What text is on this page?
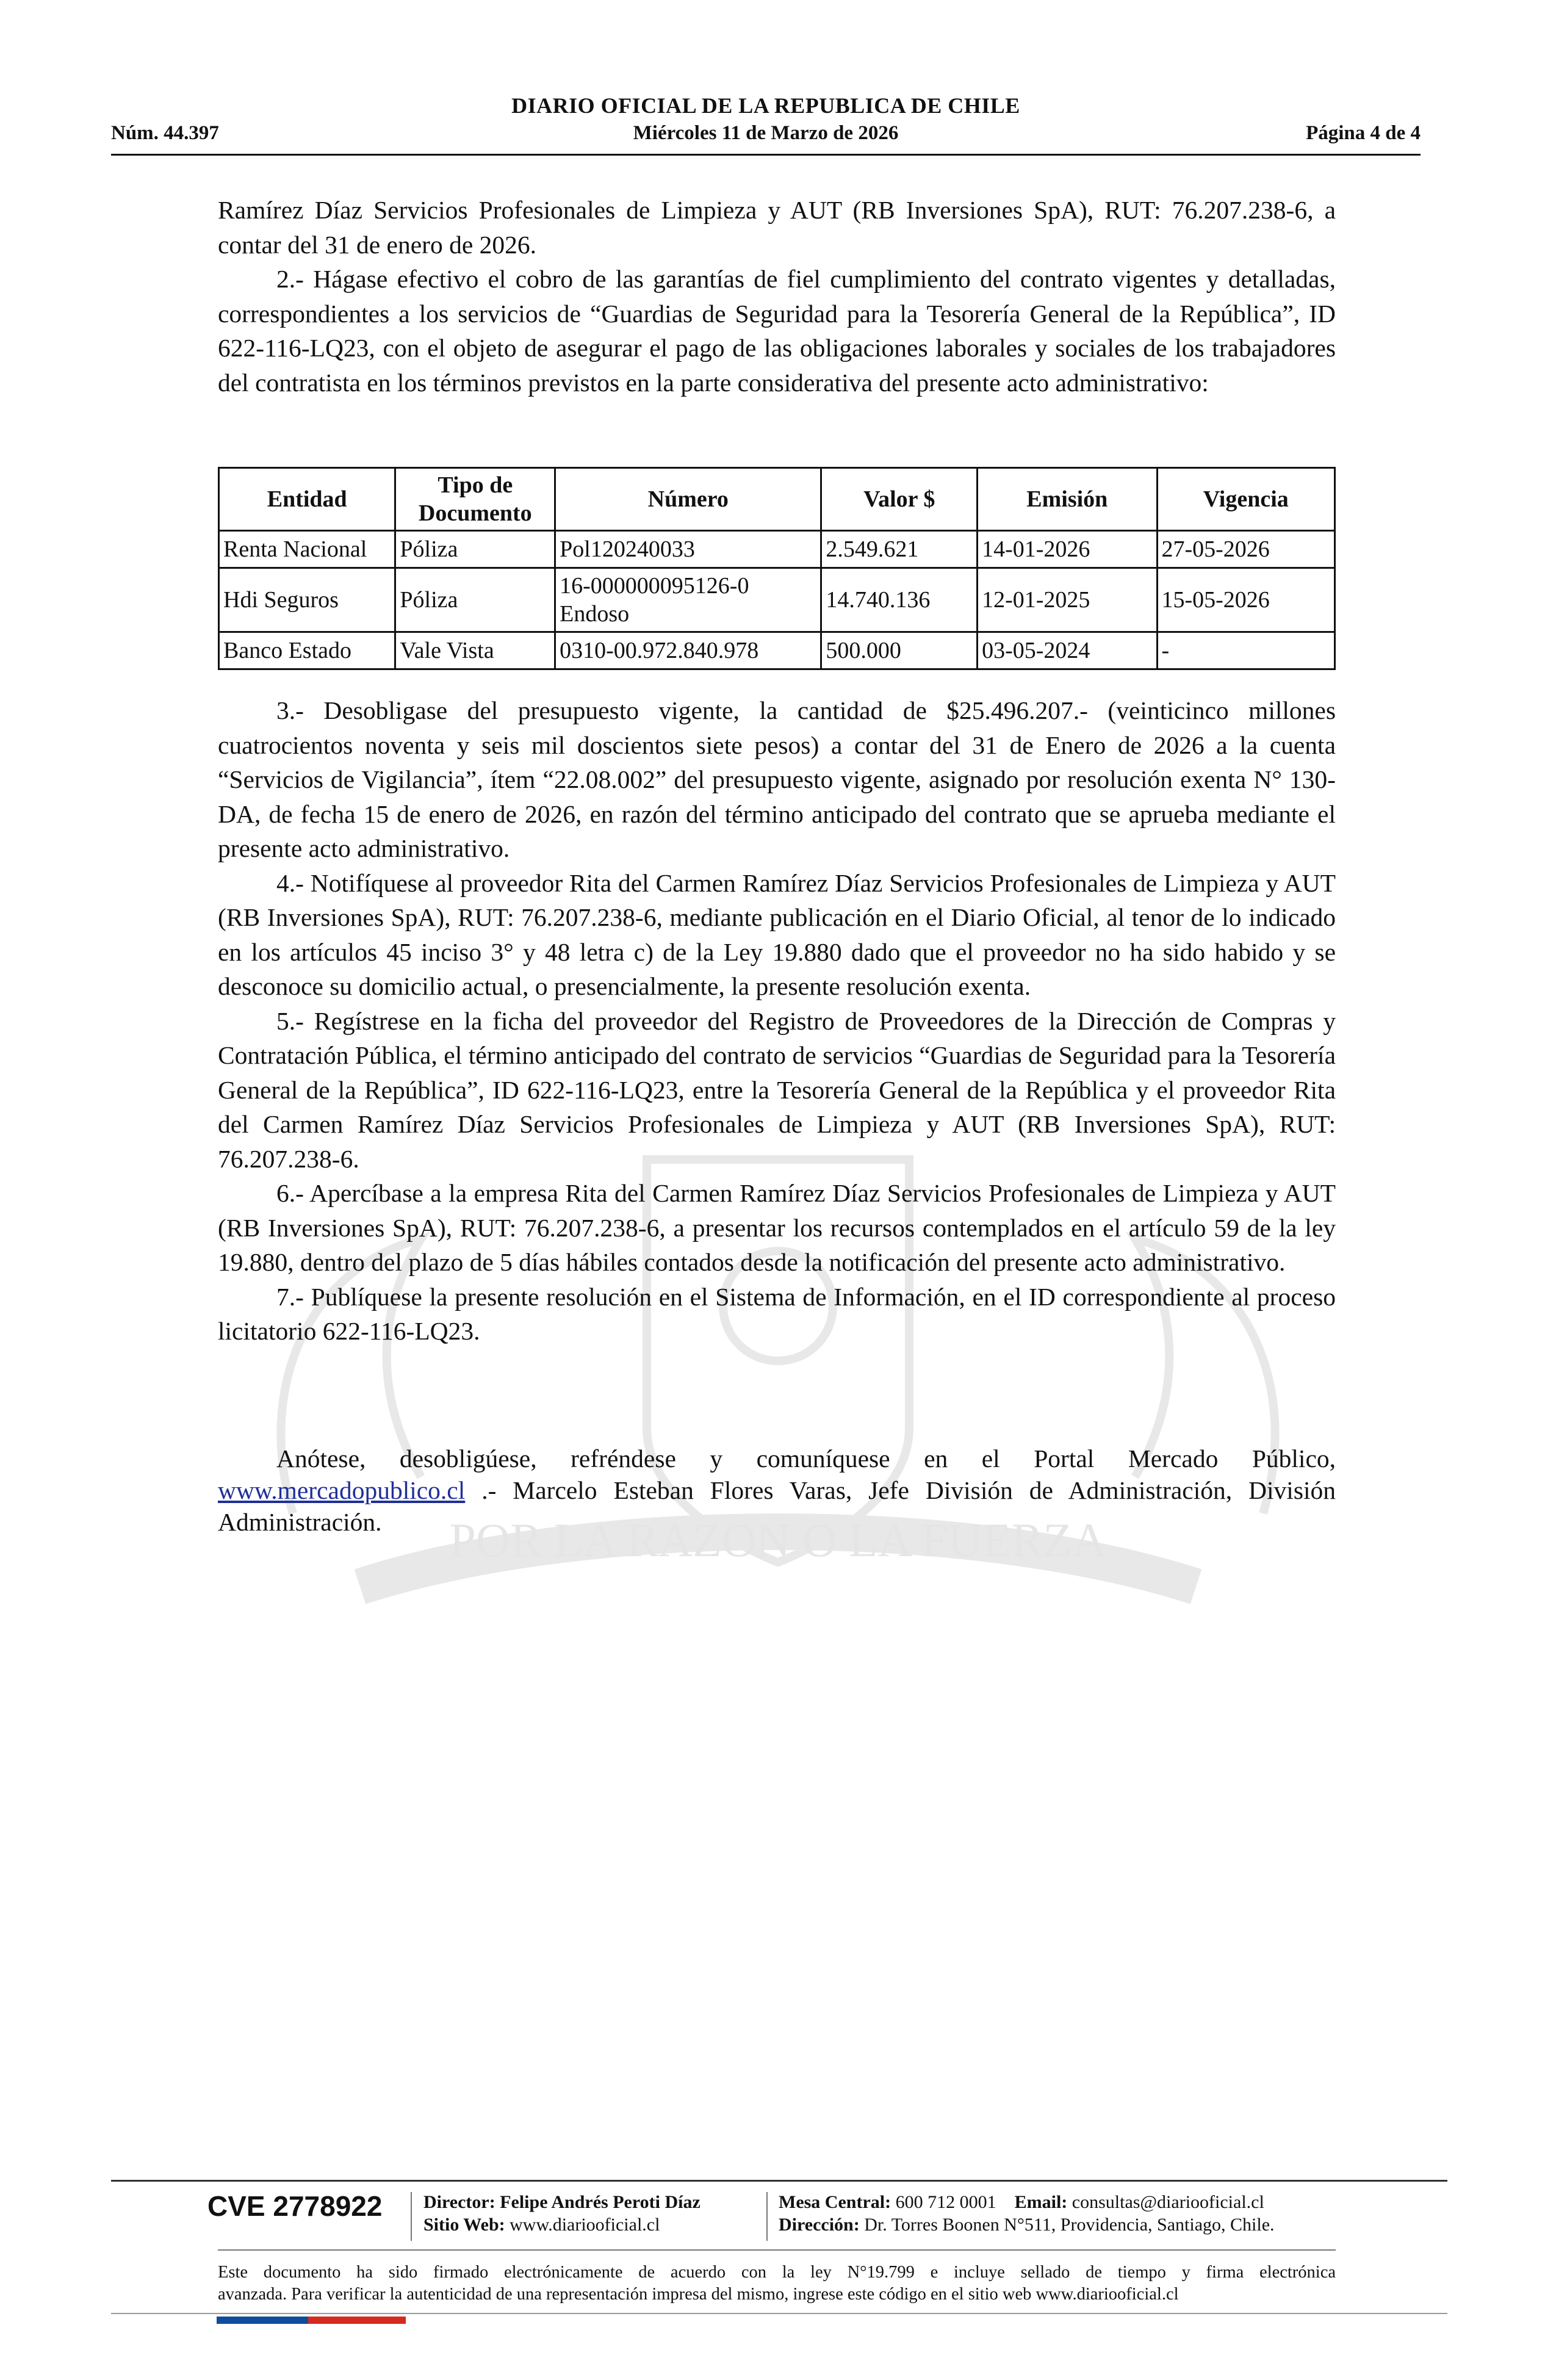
POR LA RAZON O LA FUERZA
DIARIO OFICIAL DE LA REPUBLICA DE CHILE
Núm. 44.397	Miércoles 11 de Marzo de 2026	Página 4 de 4

Ramírez Díaz Servicios Profesionales de Limpieza y AUT (RB Inversiones SpA), RUT: 76.207.238-6, a contar del 31 de enero de 2026.

2.- Hágase efectivo el cobro de las garantías de fiel cumplimiento del contrato vigentes y detalladas, correspondientes a los servicios de “Guardias de Seguridad para la Tesorería General de la República”, ID 622-116-LQ23, con el objeto de asegurar el pago de las obligaciones laborales y sociales de los trabajadores del contratista en los términos previstos en la parte considerativa del presente acto administrativo:

Entidad	Tipo de Documento	Número	Valor $	Emisión	Vigencia
Renta Nacional	Póliza	Pol120240033	2.549.621	14-01-2026	27-05-2026
Hdi Seguros	Póliza	16-000000095126-0 Endoso	14.740.136	12-01-2025	15-05-2026
Banco Estado	Vale Vista	0310-00.972.840.978	500.000	03-05-2024	-

3.- Desobligase del presupuesto vigente, la cantidad de $25.496.207.- (veinticinco millones cuatrocientos noventa y seis mil doscientos siete pesos) a contar del 31 de Enero de 2026 a la cuenta “Servicios de Vigilancia”, ítem “22.08.002” del presupuesto vigente, asignado por resolución exenta N° 130-DA, de fecha 15 de enero de 2026, en razón del término anticipado del contrato que se aprueba mediante el presente acto administrativo.

4.- Notifíquese al proveedor Rita del Carmen Ramírez Díaz Servicios Profesionales de Limpieza y AUT (RB Inversiones SpA), RUT: 76.207.238-6, mediante publicación en el Diario Oficial, al tenor de lo indicado en los artículos 45 inciso 3° y 48 letra c) de la Ley 19.880 dado que el proveedor no ha sido habido y se desconoce su domicilio actual, o presencialmente, la presente resolución exenta.

5.- Regístrese en la ficha del proveedor del Registro de Proveedores de la Dirección de Compras y Contratación Pública, el término anticipado del contrato de servicios “Guardias de Seguridad para la Tesorería General de la República”, ID 622-116-LQ23, entre la Tesorería General de la República y el proveedor Rita del Carmen Ramírez Díaz Servicios Profesionales de Limpieza y AUT (RB Inversiones SpA), RUT: 76.207.238-6.

6.- Apercíbase a la empresa Rita del Carmen Ramírez Díaz Servicios Profesionales de Limpieza y AUT (RB Inversiones SpA), RUT: 76.207.238-6, a presentar los recursos contemplados en el artículo 59 de la ley 19.880, dentro del plazo de 5 días hábiles contados desde la notificación del presente acto administrativo.

7.- Publíquese la presente resolución en el Sistema de Información, en el ID correspondiente al proceso licitatorio 622-116-LQ23.

Anótese, desobligúese, refréndese y comuníquese en el Portal Mercado Público, www.mercadopublico.cl .- Marcelo Esteban Flores Varas, Jefe División de Administración, División Administración.

CVE 2778922 Director: Felipe Andrés Peroti Díaz
Sitio Web: www.diariooficial.cl
Mesa Central: 600 712 0001 Email: consultas@diariooficial.cl
Dirección: Dr. Torres Boonen N°511, Providencia, Santiago, Chile.
Este documento ha sido firmado electrónicamente de acuerdo con la ley N°19.799 e incluye sellado de tiempo y firma electrónica
avanzada. Para verificar la autenticidad de una representación impresa del mismo, ingrese este código en el sitio web www.diariooficial.cl
